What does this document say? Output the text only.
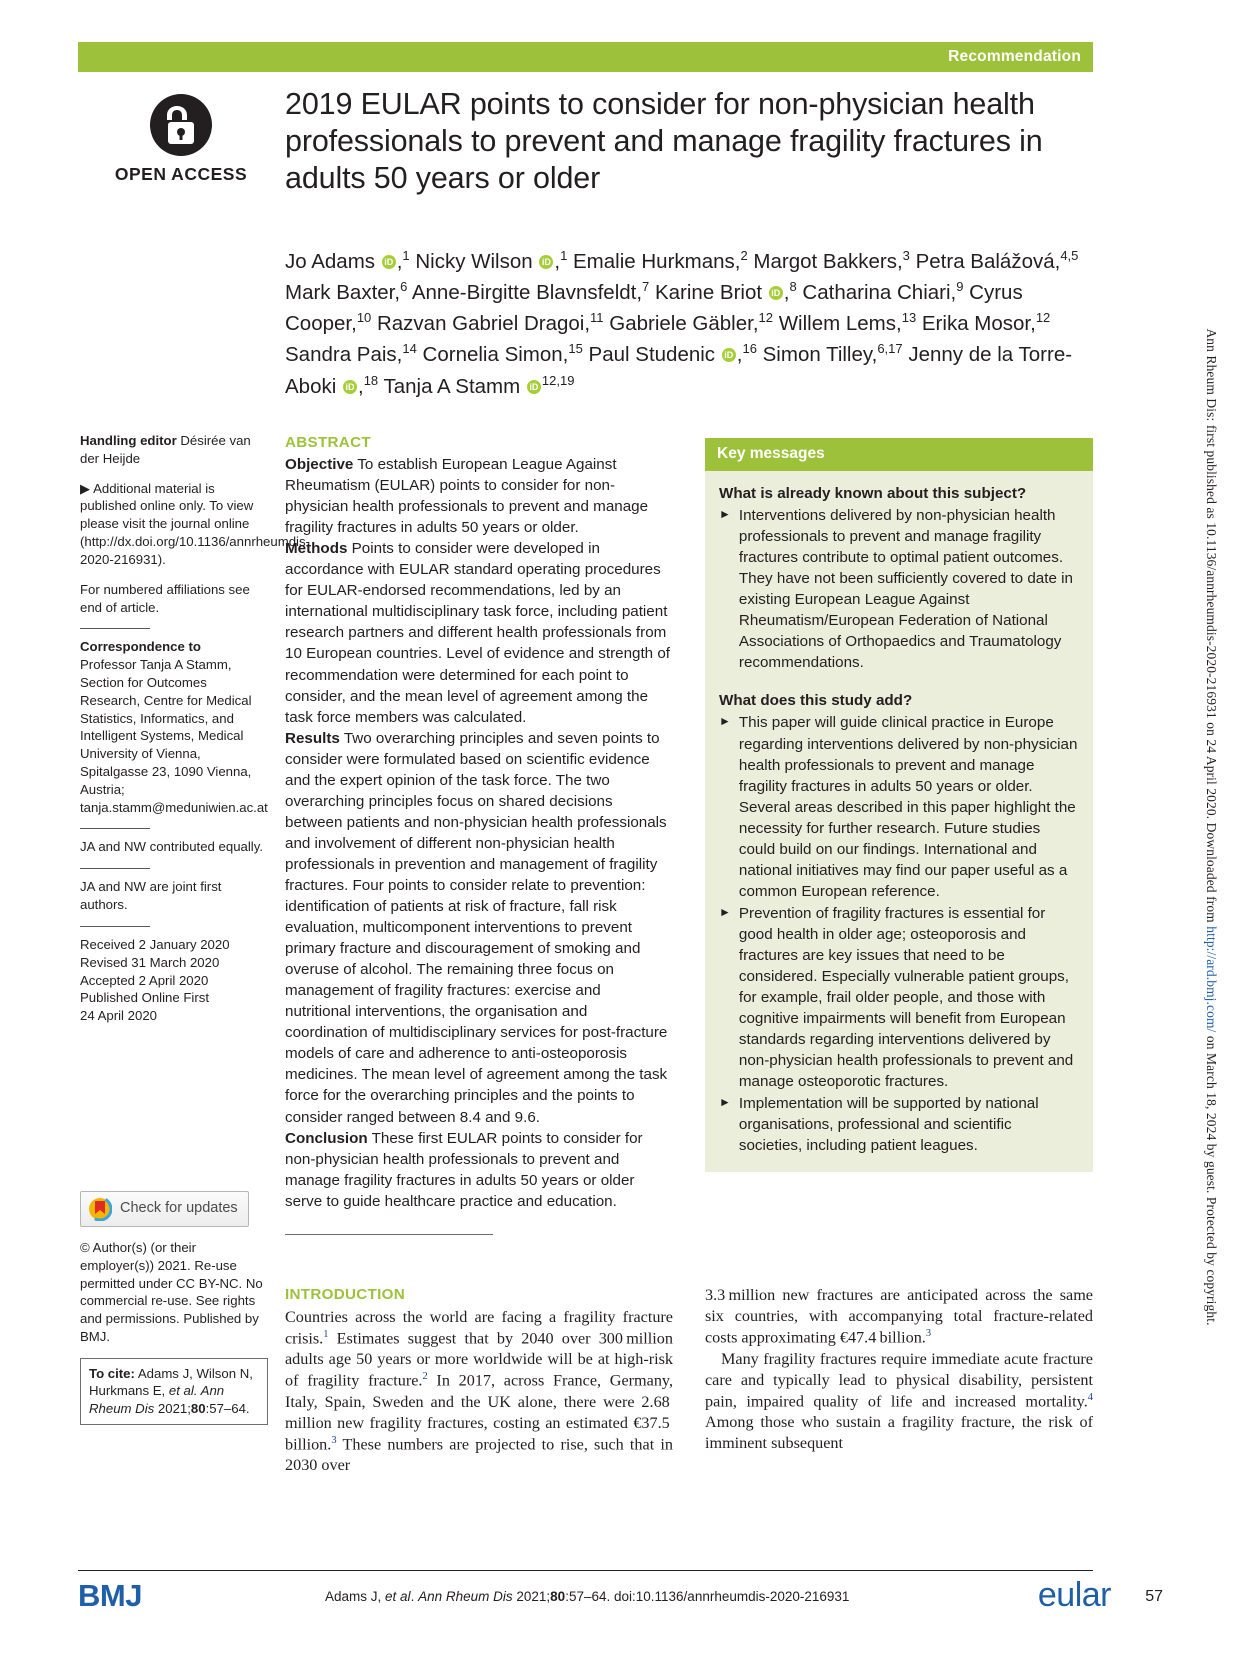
Ann Rheum Dis: first published as 10.1136/annrheumdis-2020-216931 on 24 April 2020. Downloaded from http://ard.bmj.com/ on March 18, 2024 by guest. Protected by copyright.
Recommendation
OPEN ACCESS
2019 EULAR points to consider for non-physician health professionals to prevent and manage fragility fractures in adults 50 years or older
Jo Adams iD ,$^1$ Nicky Wilson iD ,$^1$ Emalie Hurkmans,$^2$ Margot Bakkers,$^3$ Petra Balážová,$^{4,5}$ Mark Baxter,$^6$ Anne-Birgitte Blavnsfeldt,$^7$ Karine Briot iD ,$^8$ Catharina Chiari,$^9$ Cyrus Cooper,$^{10}$ Razvan Gabriel Dragoi,$^{11}$ Gabriele Gäbler,$^{12}$ Willem Lems,$^{13}$ Erika Mosor,$^{12}$ Sandra Pais,$^{14}$ Cornelia Simon,$^{15}$ Paul Studenic iD ,$^{16}$ Simon Tilley,$^{6,17}$ Jenny de la Torre-Aboki iD ,$^{18}$ Tanja A Stamm iD $^{12,19}$

Handling editor Désirée van der Heijde

▶ Additional material is published online only. To view please visit the journal online (http://dx.doi.org/10.1136/annrheumdis-2020-216931).

For numbered affiliations see end of article.

Correspondence to
Professor Tanja A Stamm, Section for Outcomes Research, Centre for Medical Statistics, Informatics, and Intelligent Systems, Medical University of Vienna, Spitalgasse 23, 1090 Vienna, Austria; tanja.stamm@meduniwien.ac.at

JA and NW contributed equally.

JA and NW are joint first authors.

Received 2 January 2020
Revised 31 March 2020
Accepted 2 April 2020
Published Online First
24 April 2020

Check for updates

© Author(s) (or their employer(s)) 2021. Re-use permitted under CC BY-NC. No commercial re-use. See rights and permissions. Published by BMJ.

To cite: Adams J, Wilson N, Hurkmans E, et al. Ann Rheum Dis 2021;80:57–64.
ABSTRACT
Objective To establish European League Against Rheumatism (EULAR) points to consider for non-physician health professionals to prevent and manage fragility fractures in adults 50 years or older.
Methods Points to consider were developed in accordance with EULAR standard operating procedures for EULAR-endorsed recommendations, led by an international multidisciplinary task force, including patient research partners and different health professionals from 10 European countries. Level of evidence and strength of recommendation were determined for each point to consider, and the mean level of agreement among the task force members was calculated.
Results Two overarching principles and seven points to consider were formulated based on scientific evidence and the expert opinion of the task force. The two overarching principles focus on shared decisions between patients and non-physician health professionals and involvement of different non-physician health professionals in prevention and management of fragility fractures. Four points to consider relate to prevention: identification of patients at risk of fracture, fall risk evaluation, multicomponent interventions to prevent primary fracture and discouragement of smoking and overuse of alcohol. The remaining three focus on management of fragility fractures: exercise and nutritional interventions, the organisation and coordination of multidisciplinary services for post-fracture models of care and adherence to anti-osteoporosis medicines. The mean level of agreement among the task force for the overarching principles and the points to consider ranged between 8.4 and 9.6.
Conclusion These first EULAR points to consider for non-physician health professionals to prevent and manage fragility fractures in adults 50 years or older serve to guide healthcare practice and education.
Key messages
What is already known about this subject?
► Interventions delivered by non-physician health professionals to prevent and manage fragility fractures contribute to optimal patient outcomes. They have not been sufficiently covered to date in existing European League Against Rheumatism/European Federation of National Associations of Orthopaedics and Traumatology recommendations.
What does this study add?
► This paper will guide clinical practice in Europe regarding interventions delivered by non-physician health professionals to prevent and manage fragility fractures in adults 50 years or older. Several areas described in this paper highlight the necessity for further research. Future studies could build on our findings. International and national initiatives may find our paper useful as a common European reference.
► Prevention of fragility fractures is essential for good health in older age; osteoporosis and fractures are key issues that need to be considered. Especially vulnerable patient groups, for example, frail older people, and those with cognitive impairments will benefit from European standards regarding interventions delivered by non-physician health professionals to prevent and manage osteoporotic fractures.
► Implementation will be supported by national organisations, professional and scientific societies, including patient leagues.
INTRODUCTION

Countries across the world are facing a fragility fracture crisis.$^1$ Estimates suggest that by 2040 over 300 million adults age 50 years or more worldwide will be at high-risk of fragility fracture.$^2$ In 2017, across France, Germany, Italy, Spain, Sweden and the UK alone, there were 2.68 million new fragility fractures, costing an estimated €37.5 billion.$^3$ These numbers are projected to rise, such that in 2030 over

3.3 million new fractures are anticipated across the same six countries, with accompanying total fracture-related costs approximating €47.4 billion.$^3$

Many fragility fractures require immediate acute fracture care and typically lead to physical disability, persistent pain, impaired quality of life and increased mortality.$^4$ Among those who sustain a fragility fracture, the risk of imminent subsequent

BMJ	Adams J, et al. Ann Rheum Dis 2021;80:57–64. doi:10.1136/annrheumdis-2020-216931	eular 57
